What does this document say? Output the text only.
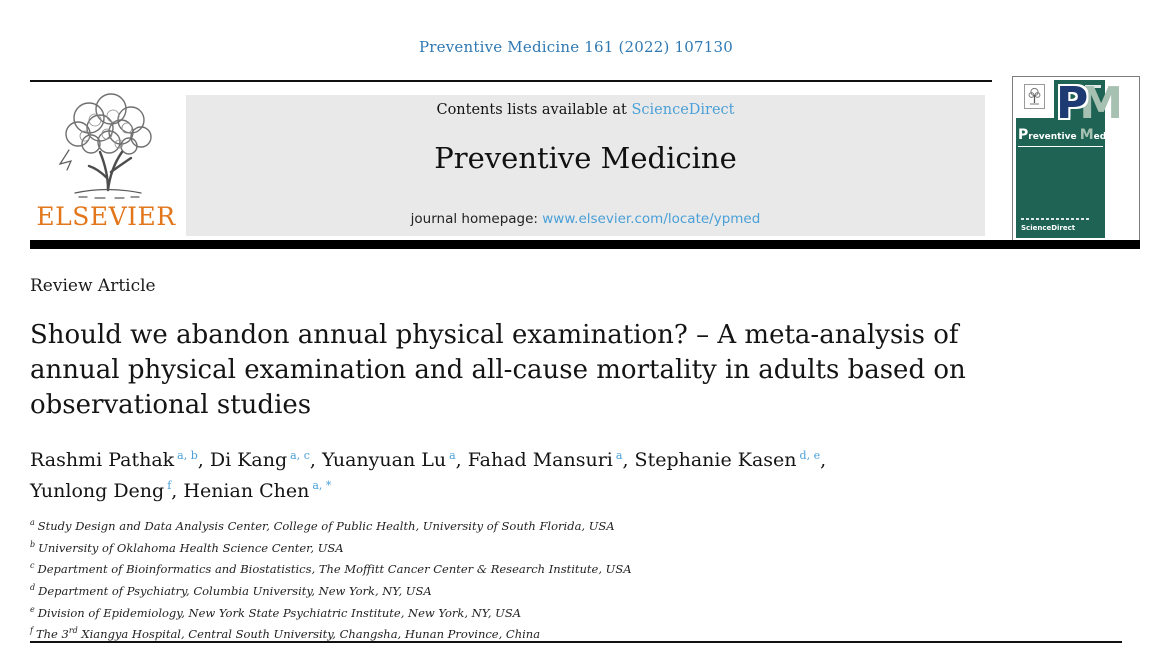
Preventive Medicine 161 (2022) 107130
ELSEVIER
Contents lists available at ScienceDirect
Preventive Medicine
journal homepage: www.elsevier.com/locate/ypmed
PM
Preventive Medicine
ScienceDirect
Review Article
Should we abandon annual physical examination? – A meta-analysis of
annual physical examination and all-cause mortality in adults based on
observational studies
Rashmi Pathak $^{a, b}$, Di Kang $^{a, c}$, Yuanyuan Lu $^a$, Fahad Mansuri $^a$, Stephanie Kasen $^{d, e}$,
Yunlong Deng $^f$, Henian Chen $^{a, *}$
$^a$ Study Design and Data Analysis Center, College of Public Health, University of South Florida, USA
$^b$ University of Oklahoma Health Science Center, USA
$^c$ Department of Bioinformatics and Biostatistics, The Moffitt Cancer Center & Research Institute, USA
$^d$ Department of Psychiatry, Columbia University, New York, NY, USA
$^e$ Division of Epidemiology, New York State Psychiatric Institute, New York, NY, USA
$^f$ The 3rd Xiangya Hospital, Central South University, Changsha, Hunan Province, China
